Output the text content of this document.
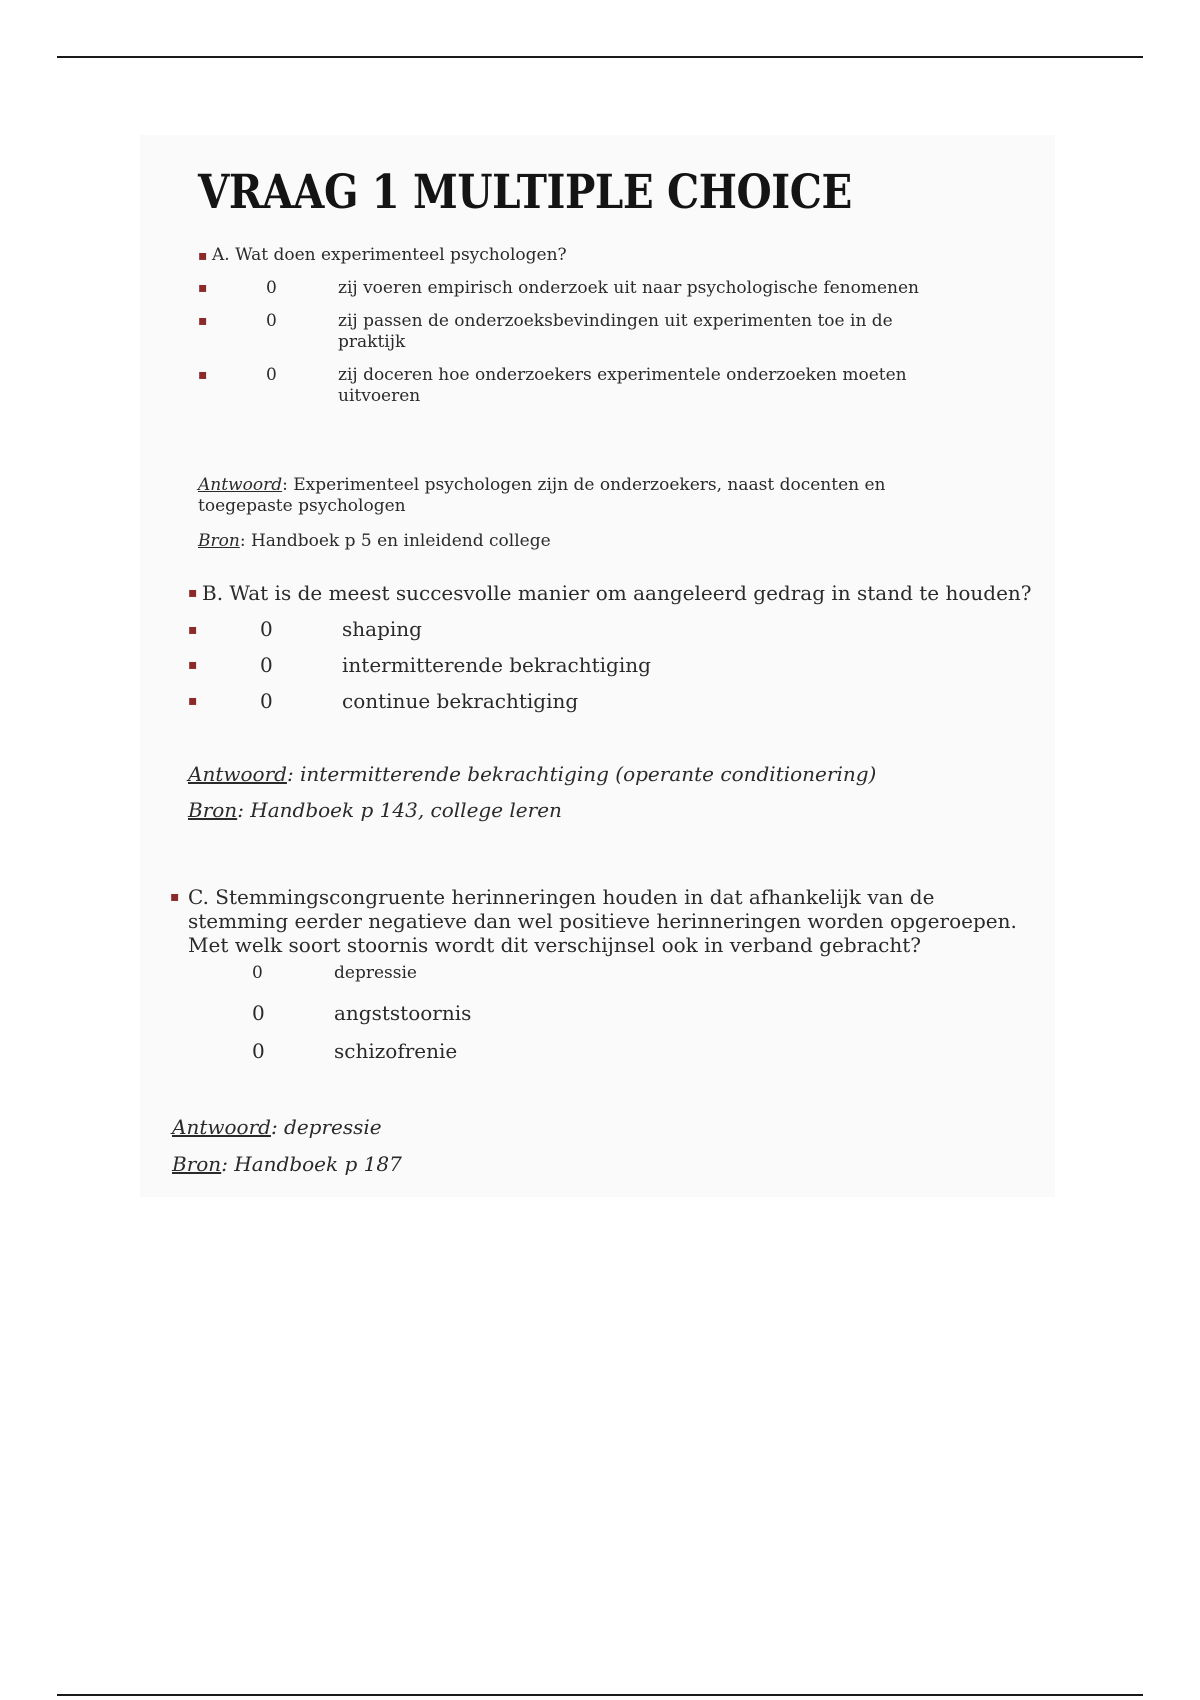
VRAAG 1 MULTIPLE CHOICE
▪ A. Wat doen experimenteel psychologen?
▪	0	zij voeren empirisch onderzoek uit naar psychologische fenomenen
▪	0	zij passen de onderzoeksbevindingen uit experimenten toe in de praktijk
▪	0	zij doceren hoe onderzoekers experimentele onderzoeken moeten uitvoeren
Antwoord: Experimenteel psychologen zijn de onderzoekers, naast docenten en toegepaste psychologen
Bron: Handboek p 5 en inleidend college
▪ B. Wat is de meest succesvolle manier om aangeleerd gedrag in stand te houden?
▪	0	shaping
▪	0	intermitterende bekrachtiging
▪	0	continue bekrachtiging
Antwoord: intermitterende bekrachtiging (operante conditionering)
Bron: Handboek p 143, college leren
▪ C. Stemmingscongruente herinneringen houden in dat afhankelijk van de stemming eerder negatieve dan wel positieve herinneringen worden opgeroepen. Met welk soort stoornis wordt dit verschijnsel ook in verband gebracht?
0	depressie
0	angststoornis
0	schizofrenie
Antwoord: depressie
Bron: Handboek p 187
